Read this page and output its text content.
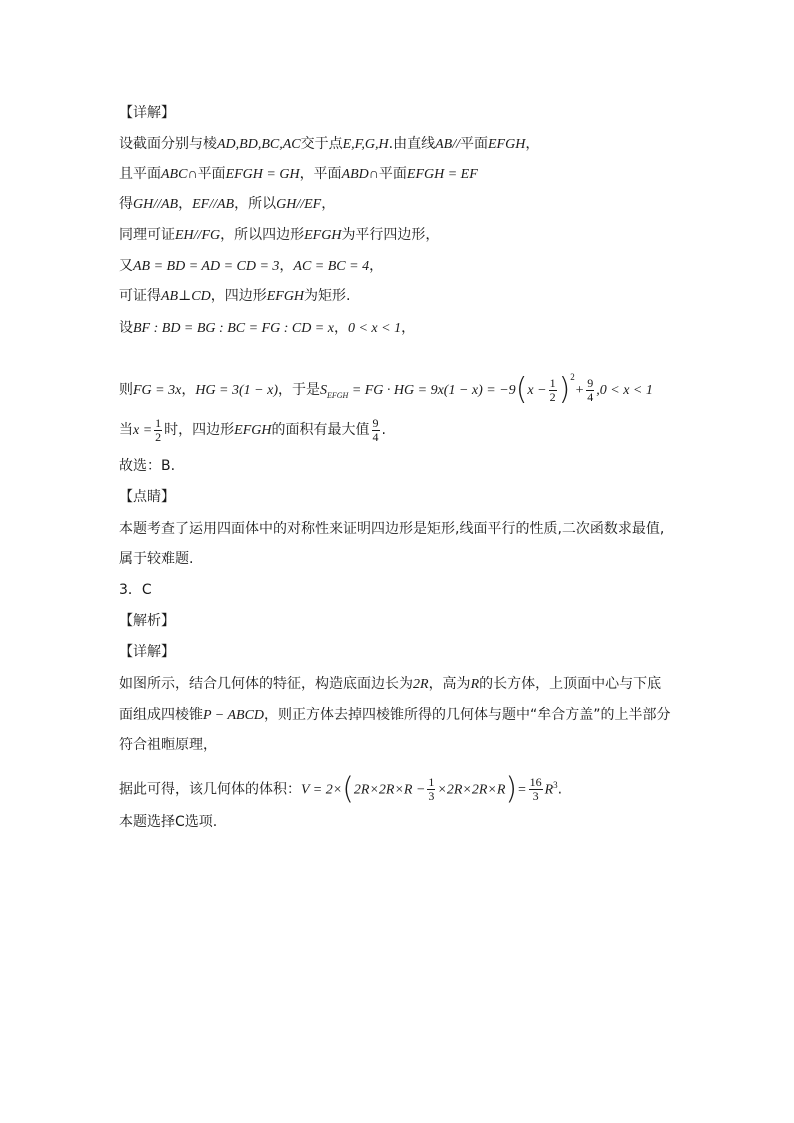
【详解】
设截面分别与棱AD,BD,BC,AC交于点E,F,G,H.由直线AB//平面EFGH，
且平面ABC∩平面EFGH = GH，平面ABD∩平面EFGH = EF
得GH//AB，EF//AB，所以GH//EF，
同理可证EH//FG，所以四边形EFGH为平行四边形，
又AB = BD = AD = CD = 3，AC = BC = 4，
可证得AB⊥CD，四边形EFGH为矩形.
设BF : BD = BG : BC = FG : CD = x，0 < x < 1，
则FG = 3x，HG = 3(1 − x)，于是$S_{EFGH}$ = FG · HG = $9x(1 - x) = -9(x - \frac{1}{2} )^2+ \frac{9}{4} ,0 < x < 1$
当$x = \frac{1}{2}$ 时，四边形EFGH的面积有最大值 $\frac{9}{4}$ .
故选：B.
【点睛】
本题考查了运用四面体中的对称性来证明四边形是矩形,线面平行的性质,二次函数求最值,
属于较难题.
3．C
【解析】
【详解】
如图所示，结合几何体的特征，构造底面边长为2R，高为R的长方体，上顶面中心与下底
面组成四棱锥P − ABCD，则正方体去掉四棱锥所得的几何体与题中“牟合方盖”的上半部分
符合祖暅原理，
据此可得，该几何体的体积：$V = 2\times(2R\times 2R\times R - \frac{1}{3} \times 2R\times 2R\times R)= \frac{16}{3} R^3$.
本题选择C选项.
